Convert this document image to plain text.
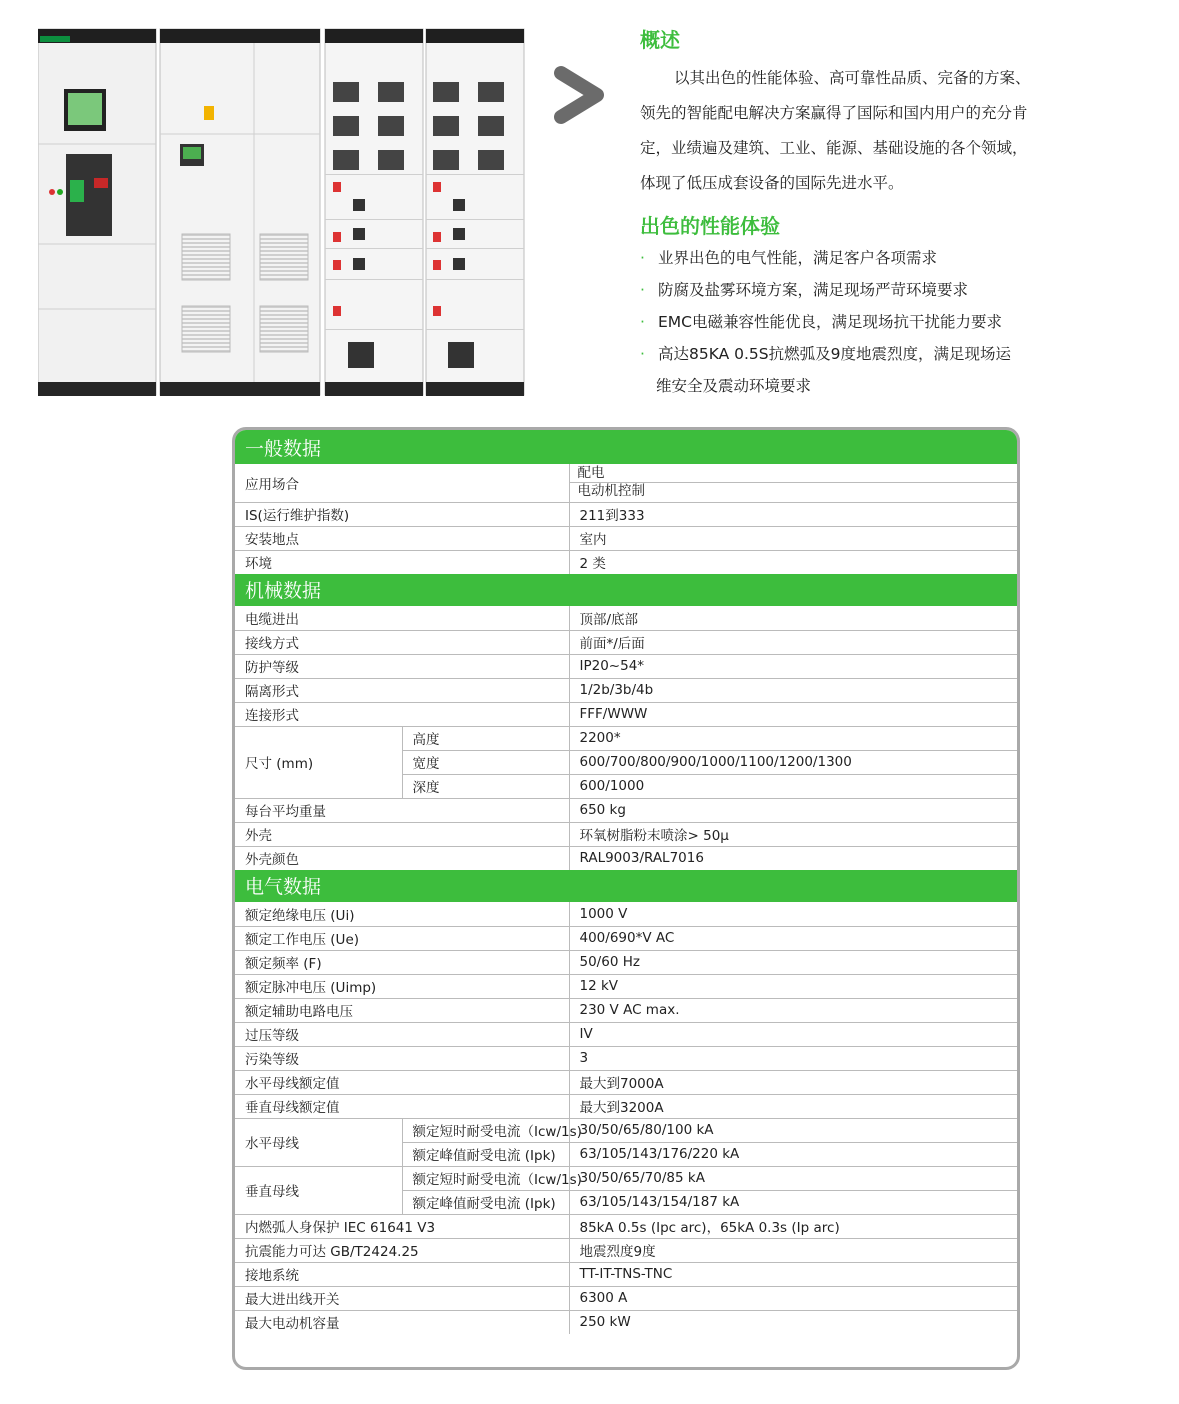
概述

以其出色的性能体验、高可靠性品质、完备的方案、

领先的智能配电解决方案赢得了国际和国内用户的充分肯

定，业绩遍及建筑、工业、能源、基础设施的各个领域，

体现了低压成套设备的国际先进水平。

出色的性能体验
· 业界出色的电气性能，满足客户各项需求
· 防腐及盐雾环境方案，满足现场严苛环境要求
· EMC电磁兼容性能优良，满足现场抗干扰能力要求
· 高达85KA 0.5S抗燃弧及9度地震烈度，满足现场运
维安全及震动环境要求
一般数据
应用场合	配电
电动机控制

IS(运行维护指数)	211到333
安装地点	室内
环境	2 类
机械数据
电缆进出		顶部/底部
接线方式		前面*/后面
防护等级		IP20~54*
隔离形式		1/2b/3b/4b
连接形式		FFF/WWW
尺寸 (mm)	高度	2200*
	宽度	600/700/800/900/1000/1100/1200/1300
	深度	600/1000
每台平均重量		650 kg
外壳		环氧树脂粉末喷涂> 50μ
外壳颜色		RAL9003/RAL7016
电气数据
额定绝缘电压 (Ui)		1000 V
额定工作电压 (Ue)		400/690*V AC
额定频率 (F)		50/60 Hz
额定脉冲电压 (Uimp)		12 kV
额定辅助电路电压		230 V AC max.
过压等级		IV
污染等级		3
水平母线额定值		最大到7000A
垂直母线额定值		最大到3200A
水平母线	额定短时耐受电流（Icw/1s)	30/50/65/80/100 kA
	额定峰值耐受电流 (Ipk)	63/105/143/176/220 kA
垂直母线	额定短时耐受电流（Icw/1s)	30/50/65/70/85 kA
	额定峰值耐受电流 (Ipk)	63/105/143/154/187 kA
内燃弧人身保护 IEC 61641 V3		85kA 0.5s (Ipc arc)，65kA 0.3s (Ip arc)
抗震能力可达 GB/T2424.25		地震烈度9度
接地系统		TT-IT-TNS-TNC
最大进出线开关		6300 A
最大电动机容量		250 kW
